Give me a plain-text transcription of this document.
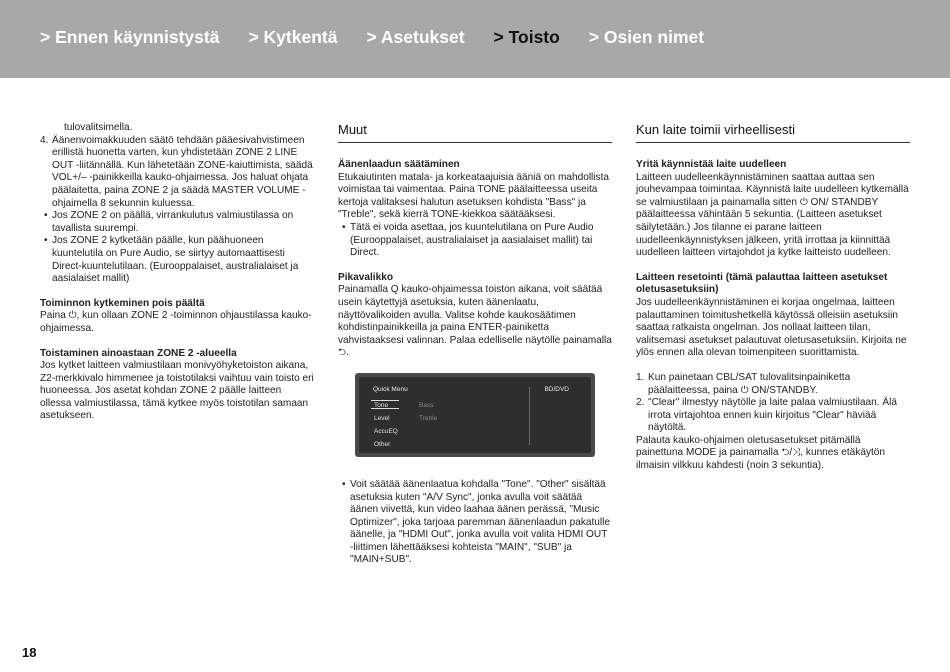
> Ennen käynnistystä > Kytkentä > Asetukset > Toisto > Osien nimet

tulovalitsimella.

4. Äänenvoimakkuuden säätö tehdään pääesivahvistimeen erillistä huonetta varten, kun yhdistetään ZONE 2 LINE OUT -liitännällä. Kun lähetetään ZONE-kaiuttimista, säädä VOL+/– -painikkeilla kauko-ohjaimessa. Jos haluat ohjata päälaitetta, paina ZONE 2 ja säädä MASTER VOLUME -ohjaimella 8 sekunnin kuluessa.

• Jos ZONE 2 on päällä, virrankulutus valmiustilassa on tavallista suurempi.

• Jos ZONE 2 kytketään päälle, kun päähuoneen kuuntelutila on Pure Audio, se siirtyy automaattisesti Direct-kuuntelutilaan. (Eurooppalaiset, australialaiset ja aasialaiset mallit)

Toiminnon kytkeminen pois päältä

Paina ⏻, kun ollaan ZONE 2 -toiminnon ohjaustilassa kauko-ohjaimessa.

Toistaminen ainoastaan ZONE 2 -alueella

Jos kytket laitteen valmiustilaan monivyöhyketoiston aikana, Z2-merkkivalo himmenee ja toistotilaksi vaihtuu vain toisto eri huoneessa. Jos asetat kohdan ZONE 2 päälle laitteen ollessa valmiustilassa, tämä kytkee myös toistotilan samaan asetukseen.

Muut

Äänenlaadun säätäminen

Etukaiutinten matala- ja korkeataajuisia ääniä on mahdollista voimistaa tai vaimentaa. Paina TONE päälaitteessa useita kertoja valitaksesi halutun asetuksen kohdista "Bass" ja "Treble", sekä kierrä TONE-kiekkoa säätääksesi.

• Tätä ei voida asettaa, jos kuuntelutilana on Pure Audio (Eurooppalaiset, australialaiset ja aasialaiset mallit) tai Direct.

Pikavalikko

Painamalla Q kauko-ohjaimessa toiston aikana, voit säätää usein käytettyjä asetuksia, kuten äänenlaatu, näyttövalikoiden avulla. Valitse kohde kaukosäätimen kohdistinpainikkeilla ja paina ENTER-painiketta vahvistaaksesi valinnan. Palaa edelliselle näytölle painamalla ⮌.

Quick Menu	BD/DVD
Tone
Level
AccuEQ
Other
Bass
Treble

• Voit säätää äänenlaatua kohdalla "Tone". "Other" sisältää asetuksia kuten "A/V Sync", jonka avulla voit säätää äänen viivettä, kun video laahaa äänen perässä, "Music Optimizer", joka tarjoaa paremman äänenlaadun pakatulle äänelle, ja "HDMI Out", jonka avulla voit valita HDMI OUT -liittimen lähettääksesi kohteista "MAIN", "SUB" ja "MAIN+SUB".

Kun laite toimii virheellisesti

Yritä käynnistää laite uudelleen

Laitteen uudelleenkäynnistäminen saattaa auttaa sen jouhevampaa toimintaa. Käynnistä laite uudelleen kytkemällä se valmiustilaan ja painamalla sitten ⏻ ON/ STANDBY päälaitteessa vähintään 5 sekuntia. (Laitteen asetukset säilytetään.) Jos tilanne ei parane laitteen uudelleenkäynnistyksen jälkeen, yritä irrottaa ja kiinnittää uudelleen laitteen virtajohdot ja kytke laitteisto uudelleen.

Laitteen resetointi (tämä palauttaa laitteen asetukset oletusasetuksiin)

Jos uudelleenkäynnistäminen ei korjaa ongelmaa, laitteen palauttaminen toimitushetkellä käytössä olleisiin asetuksiin saattaa ratkaista ongelman. Jos nollaat laitteen tilan, valitsemasi asetukset palautuvat oletusasetuksiin. Kirjoita ne ylös ennen alla olevan toimenpiteen suorittamista.

1. Kun painetaan CBL/SAT tulovalitsinpainiketta päälaitteessa, paina ⏻ ON/STANDBY.
2. "Clear" ilmestyy näytölle ja laite palaa valmiustilaan. Älä irrota virtajohtoa ennen kuin kirjoitus "Clear" häviää näytöltä.

Palauta kauko-ohjaimen oletusasetukset pitämällä painettuna MODE ja painamalla ⮌/⤨, kunnes etäkäytön ilmaisin vilkkuu kahdesti (noin 3 sekuntia).

18
